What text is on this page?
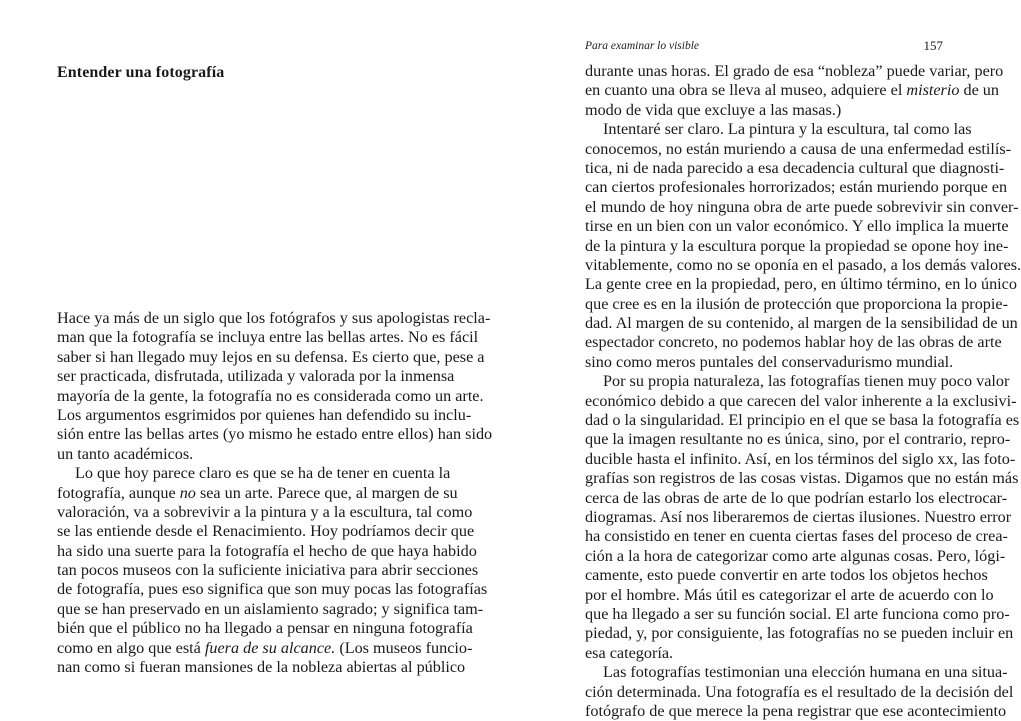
Entender una fotografía

Hace ya más de un siglo que los fotógrafos y sus apologistas recla-
man que la fotografía se incluya entre las bellas artes. No es fácil
saber si han llegado muy lejos en su defensa. Es cierto que, pese a
ser practicada, disfrutada, utilizada y valorada por la inmensa
mayoría de la gente, la fotografía no es considerada como un arte.
Los argumentos esgrimidos por quienes han defendido su inclu-
sión entre las bellas artes (yo mismo he estado entre ellos) han sido
un tanto académicos.

Lo que hoy parece claro es que se ha de tener en cuenta la
fotografía, aunque no sea un arte. Parece que, al margen de su
valoración, va a sobrevivir a la pintura y a la escultura, tal como
se las entiende desde el Renacimiento. Hoy podríamos decir que
ha sido una suerte para la fotografía el hecho de que haya habido
tan pocos museos con la suficiente iniciativa para abrir secciones
de fotografía, pues eso significa que son muy pocas las fotografías
que se han preservado en un aislamiento sagrado; y significa tam-
bién que el público no ha llegado a pensar en ninguna fotografía
como en algo que está fuera de su alcance. (Los museos funcio-
nan como si fueran mansiones de la nobleza abiertas al público

Para examinar lo visible	157

durante unas horas. El grado de esa “nobleza” puede variar, pero
en cuanto una obra se lleva al museo, adquiere el misterio de un
modo de vida que excluye a las masas.)

Intentaré ser claro. La pintura y la escultura, tal como las
conocemos, no están muriendo a causa de una enfermedad estilís-
tica, ni de nada parecido a esa decadencia cultural que diagnosti-
can ciertos profesionales horrorizados; están muriendo porque en
el mundo de hoy ninguna obra de arte puede sobrevivir sin conver-
tirse en un bien con un valor económico. Y ello implica la muerte
de la pintura y la escultura porque la propiedad se opone hoy ine-
vitablemente, como no se oponía en el pasado, a los demás valores.
La gente cree en la propiedad, pero, en último término, en lo único
que cree es en la ilusión de protección que proporciona la propie-
dad. Al margen de su contenido, al margen de la sensibilidad de un
espectador concreto, no podemos hablar hoy de las obras de arte
sino como meros puntales del conservadurismo mundial.

Por su propia naturaleza, las fotografías tienen muy poco valor
económico debido a que carecen del valor inherente a la exclusivi-
dad o la singularidad. El principio en el que se basa la fotografía es
que la imagen resultante no es única, sino, por el contrario, repro-
ducible hasta el infinito. Así, en los términos del siglo xx, las foto-
grafías son registros de las cosas vistas. Digamos que no están más
cerca de las obras de arte de lo que podrían estarlo los electrocar-
diogramas. Así nos liberaremos de ciertas ilusiones. Nuestro error
ha consistido en tener en cuenta ciertas fases del proceso de crea-
ción a la hora de categorizar como arte algunas cosas. Pero, lógi-
camente, esto puede convertir en arte todos los objetos hechos
por el hombre. Más útil es categorizar el arte de acuerdo con lo
que ha llegado a ser su función social. El arte funciona como pro-
piedad, y, por consiguiente, las fotografías no se pueden incluir en
esa categoría.

Las fotografías testimonian una elección humana en una situa-
ción determinada. Una fotografía es el resultado de la decisión del
fotógrafo de que merece la pena registrar que ese acontecimiento
